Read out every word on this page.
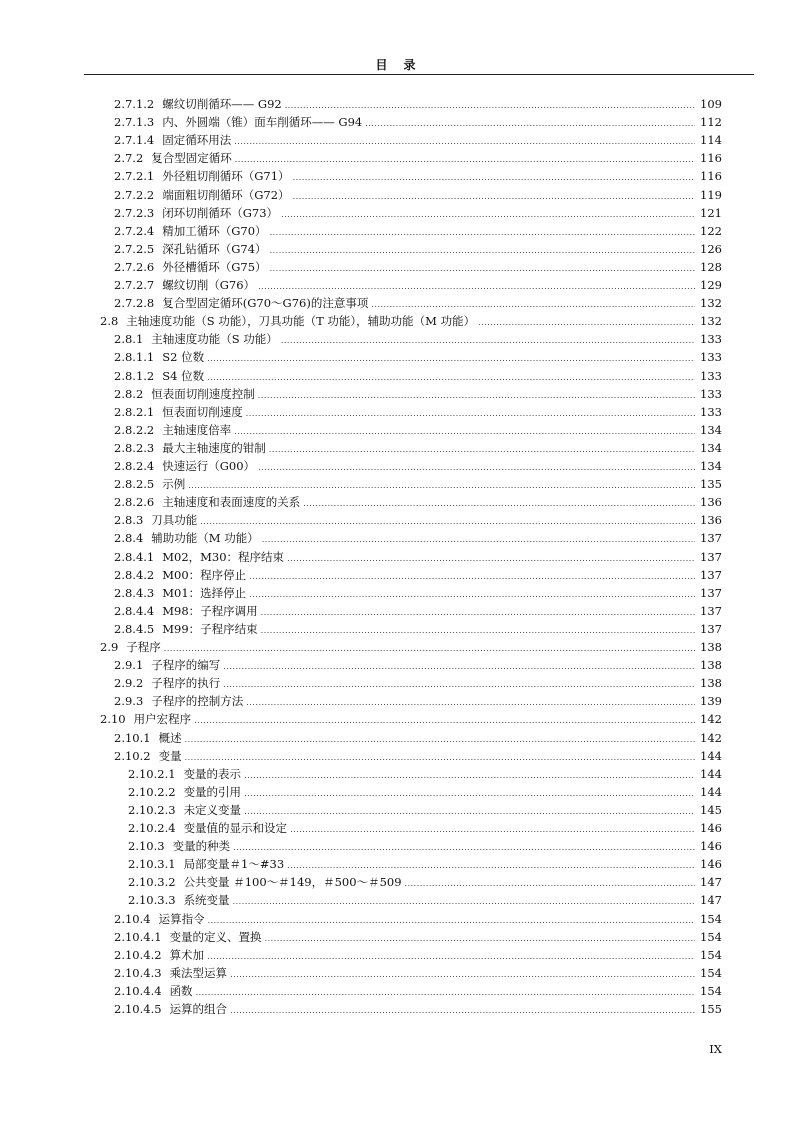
目　录
2.7.1.2 螺纹切削循环—— G92 .....	109
2.7.1.3 内、外圆端（锥）面车削循环—— G94 .....	112
2.7.1.4 固定循环用法 .....	114
2.7.2 复合型固定循环 .....	116
2.7.2.1 外径粗切削循环（G71） .....	116
2.7.2.2 端面粗切削循环（G72） .....	119
2.7.2.3 闭环切削循环（G73） .....	121
2.7.2.4 精加工循环（G70） .....	122
2.7.2.5 深孔钻循环（G74） .....	126
2.7.2.6 外径槽循环（G75） .....	128
2.7.2.7 螺纹切削（G76） .....	129
2.7.2.8 复合型固定循环(G70～G76)的注意事项 .....	132
2.8 主轴速度功能（S 功能），刀具功能（T 功能），辅助功能（M 功能） .....	132
2.8.1 主轴速度功能（S 功能） .....	133
2.8.1.1 S2 位数 .....	133
2.8.1.2 S4 位数 .....	133
2.8.2 恒表面切削速度控制 .....	133
2.8.2.1 恒表面切削速度 .....	133
2.8.2.2 主轴速度倍率 .....	134
2.8.2.3 最大主轴速度的钳制 .....	134
2.8.2.4 快速运行（G00） .....	134
2.8.2.5 示例 .....	135
2.8.2.6 主轴速度和表面速度的关系 .....	136
2.8.3 刀具功能 .....	136
2.8.4 辅助功能（M 功能） .....	137
2.8.4.1 M02，M30：程序结束 .....	137
2.8.4.2 M00：程序停止 .....	137
2.8.4.3 M01：选择停止 .....	137
2.8.4.4 M98：子程序调用 .....	137
2.8.4.5 M99：子程序结束 .....	137
2.9 子程序 .....	138
2.9.1 子程序的编写 .....	138
2.9.2 子程序的执行 .....	138
2.9.3 子程序的控制方法 .....	139
2.10 用户宏程序 .....	142
2.10.1 概述 .....	142
2.10.2 变量 .....	144
2.10.2.1 变量的表示 .....	144
2.10.2.2 变量的引用 .....	144
2.10.2.3 未定义变量 .....	145
2.10.2.4 变量值的显示和设定 .....	146
2.10.3 变量的种类 .....	146
2.10.3.1 局部变量＃1～#33 .....	146
2.10.3.2 公共变量 ＃100～＃149，＃500～＃509 .....	147
2.10.3.3 系统变量 .....	147
2.10.4 运算指令 .....	154
2.10.4.1 变量的定义、置换 .....	154
2.10.4.2 算术加 .....	154
2.10.4.3 乘法型运算 .....	154
2.10.4.4 函数 .....	154
2.10.4.5 运算的组合 .....	155
IX
